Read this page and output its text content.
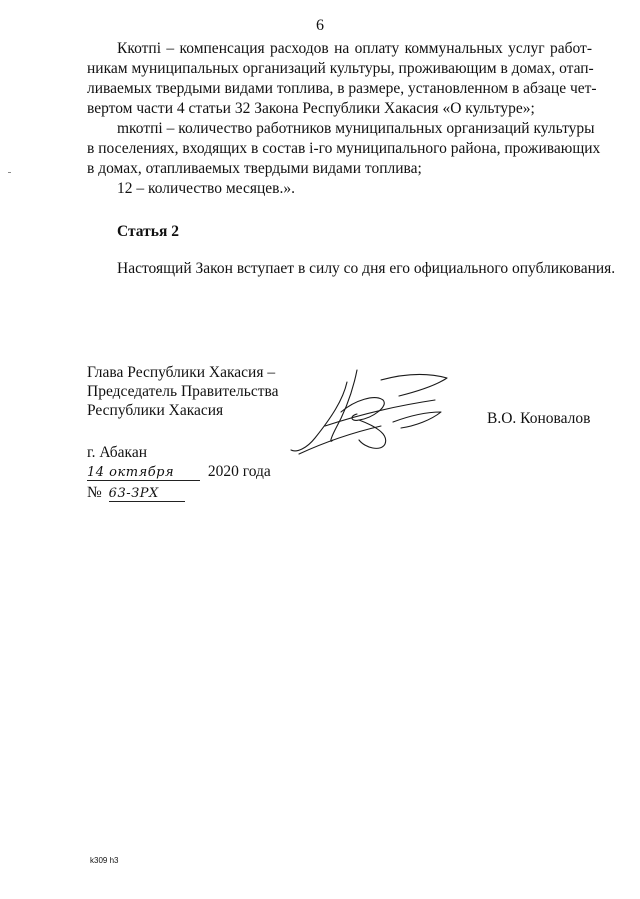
6
Ккотпi – компенсация расходов на оплату коммунальных услуг работ-
никам муниципальных организаций культуры, проживающим в домах, отап-
ливаемых твердыми видами топлива, в размере, установленном в абзаце чет-
вертом части 4 статьи 32 Закона Республики Хакасия «О культуре»;
mкотпi – количество работников муниципальных организаций культуры
в поселениях, входящих в состав i-го муниципального района, проживающих
в домах, отапливаемых твердыми видами топлива;
12 – количество месяцев.».
Статья 2
Настоящий Закон вступает в силу со дня его официального опубликования.
Глава Республики Хакасия –
Председатель Правительства
Республики Хакасия	В.О. Коновалов
г. Абакан
14 октября 2020 года
№ 63-ЗРХ
k309 h3
